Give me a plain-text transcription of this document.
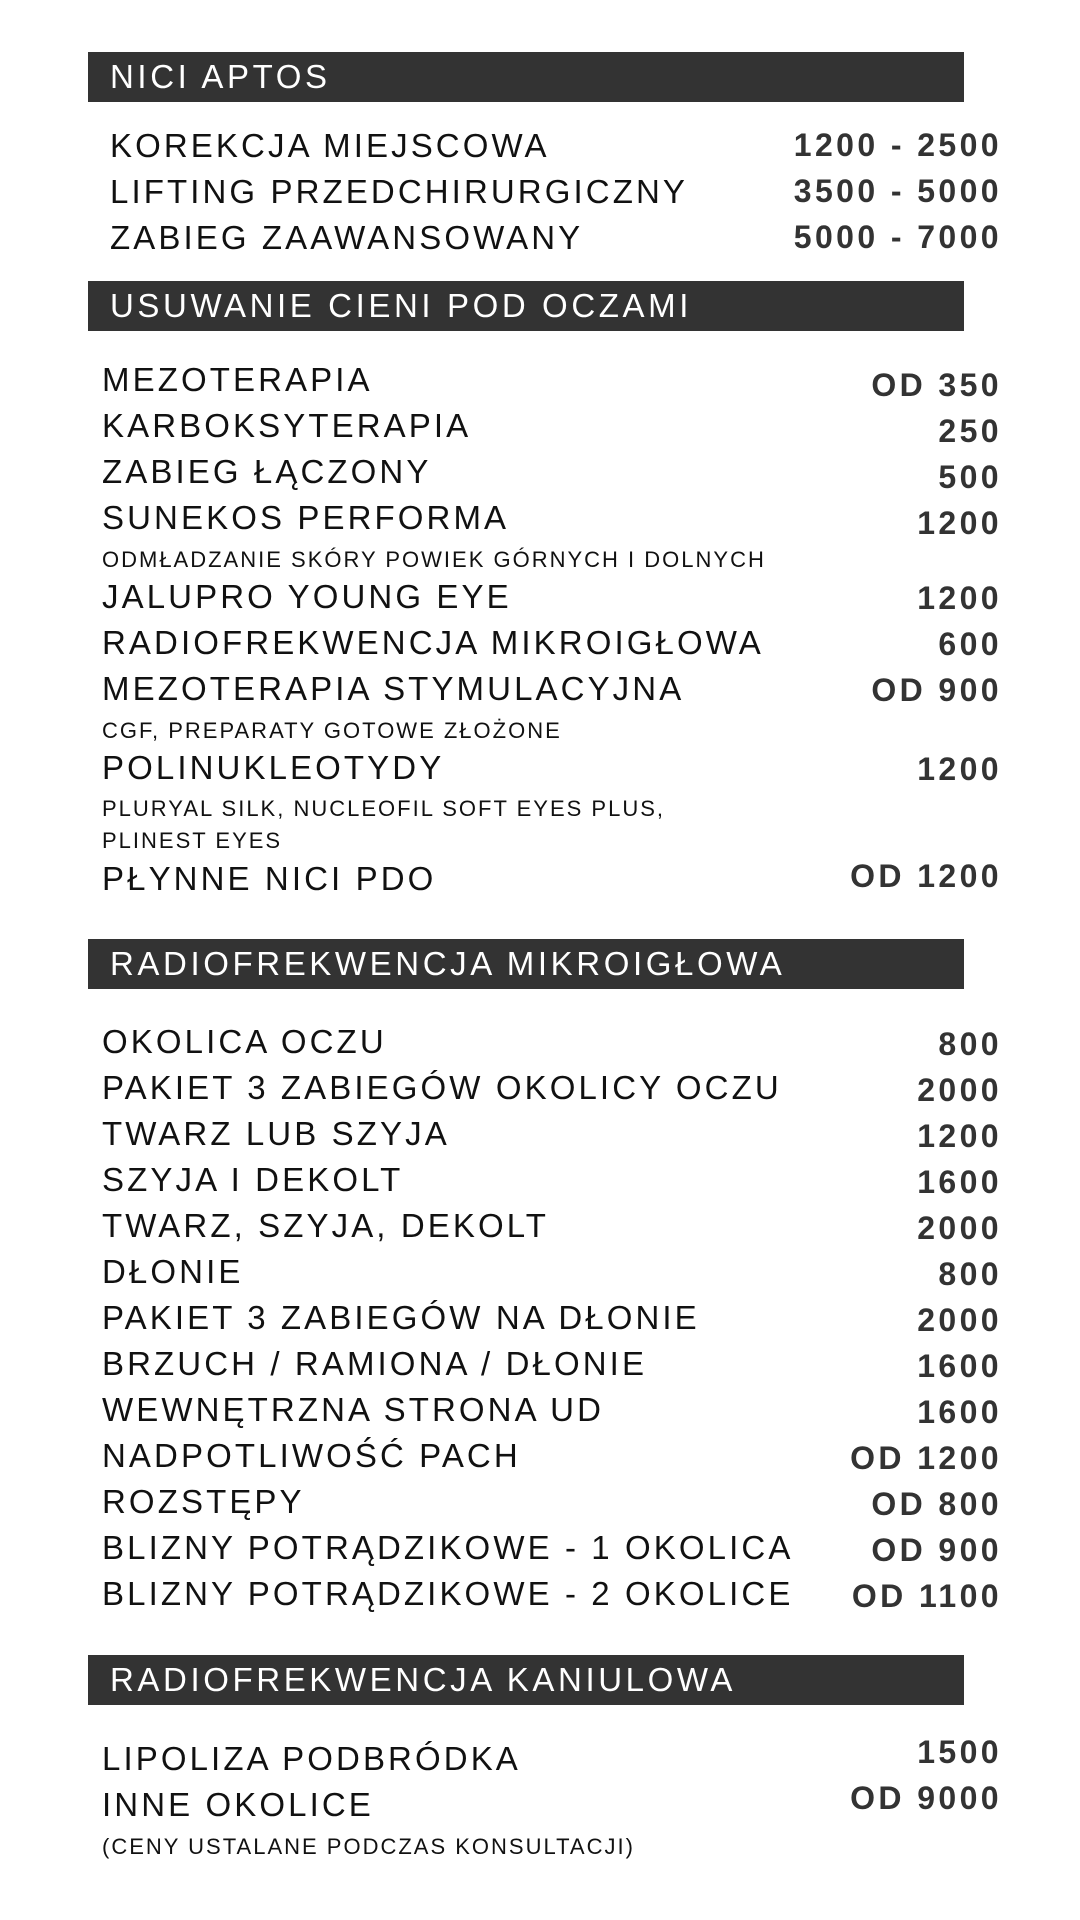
NICI APTOS
KOREKCJA MIEJSCOWA	1200 - 2500
LIFTING PRZEDCHIRURGICZNY	3500 - 5000
ZABIEG ZAAWANSOWANY	5000 - 7000
USUWANIE CIENI POD OCZAMI
MEZOTERAPIA	OD 350
KARBOKSYTERAPIA	250
ZABIEG ŁĄCZONY	500
SUNEKOS PERFORMA	1200
ODMŁADZANIE SKÓRY POWIEK GÓRNYCH I DOLNYCH
JALUPRO YOUNG EYE	1200
RADIOFREKWENCJA MIKROIGŁOWA	600
MEZOTERAPIA STYMULACYJNA	OD 900
CGF, PREPARATY GOTOWE ZŁOŻONE
POLINUKLEOTYDY	1200
PLURYAL SILK, NUCLEOFIL SOFT EYES PLUS,
PLINEST EYES
PŁYNNE NICI PDO	OD 1200
RADIOFREKWENCJA MIKROIGŁOWA
OKOLICA OCZU	800
PAKIET 3 ZABIEGÓW OKOLICY OCZU	2000
TWARZ LUB SZYJA	1200
SZYJA I DEKOLT	1600
TWARZ, SZYJA, DEKOLT	2000
DŁONIE	800
PAKIET 3 ZABIEGÓW NA DŁONIE	2000
BRZUCH / RAMIONA / DŁONIE	1600
WEWNĘTRZNA STRONA UD	1600
NADPOTLIWOŚĆ PACH	OD 1200
ROZSTĘPY	OD 800
BLIZNY POTRĄDZIKOWE - 1 OKOLICA OD 900
BLIZNY POTRĄDZIKOWE - 2 OKOLICE OD 1100
RADIOFREKWENCJA KANIULOWA
LIPOLIZA PODBRÓDKA	1500
INNE OKOLICE	OD 9000
(CENY USTALANE PODCZAS KONSULTACJI)
